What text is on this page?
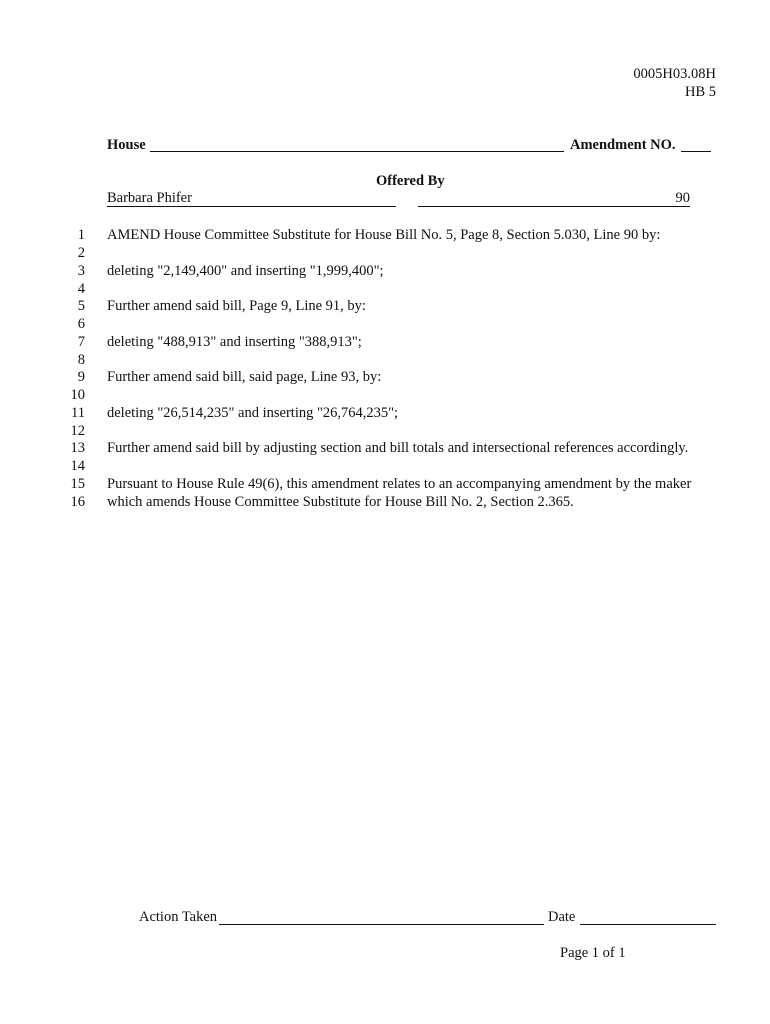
0005H03.08H
HB 5
House	Amendment NO.
Offered By
Barbara Phifer	90
1 AMEND House Committee Substitute for House Bill No. 5, Page 8, Section 5.030, Line 90 by:
2
3 deleting "2,149,400" and inserting "1,999,400";
4
5 Further amend said bill, Page 9, Line 91, by:
6
7 deleting "488,913" and inserting "388,913";
8
9 Further amend said bill, said page, Line 93, by:
10
11 deleting "26,514,235" and inserting "26,764,235";
12
13 Further amend said bill by adjusting section and bill totals and intersectional references accordingly.
14
15 Pursuant to House Rule 49(6), this amendment relates to an accompanying amendment by the maker
16 which amends House Committee Substitute for House Bill No. 2, Section 2.365.
Action Taken	Date
Page 1 of 1
